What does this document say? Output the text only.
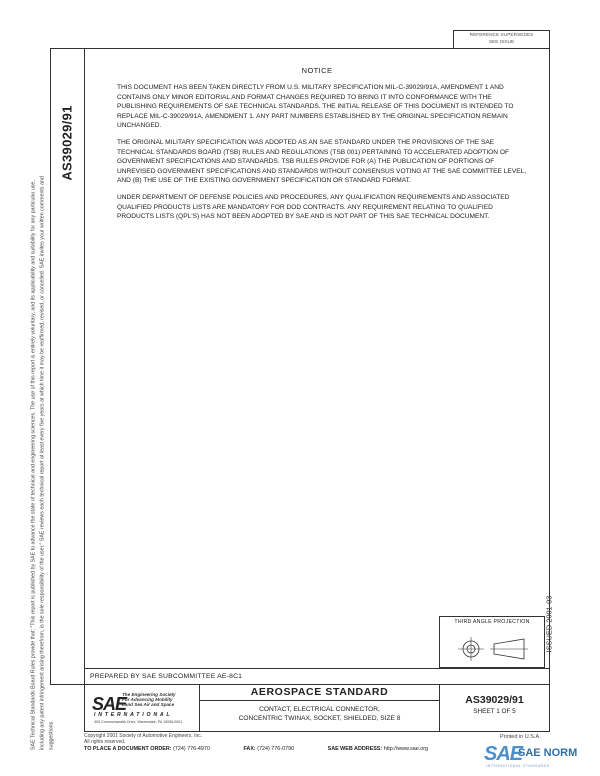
REFERENCE SUPERSEDES
SEE ISSUE
AS39029/91
SAE Technical Standards Board Rules provide that: "This report is published by SAE to advance the state of technical and engineering sciences. The use of this report is entirely voluntary, and its applicability and suitability for any particular use, including any patent infringement arising therefrom, is the sole responsibility of the user." SAE reviews each technical report at least every five years at which time it may be reaffirmed, revised, or cancelled. SAE invites your written comments and suggestions.
NOTICE

THIS DOCUMENT HAS BEEN TAKEN DIRECTLY FROM U.S. MILITARY SPECIFICATION MIL-C-39029/91A, AMENDMENT 1 AND CONTAINS ONLY MINOR EDITORIAL AND FORMAT CHANGES REQUIRED TO BRING IT INTO CONFORMANCE WITH THE PUBLISHING REQUIREMENTS OF SAE TECHNICAL STANDARDS. THE INITIAL RELEASE OF THIS DOCUMENT IS INTENDED TO REPLACE MIL-C-39029/91A, AMENDMENT 1. ANY PART NUMBERS ESTABLISHED BY THE ORIGINAL SPECIFICATION REMAIN UNCHANGED.

THE ORIGINAL MILITARY SPECIFICATION WAS ADOPTED AS AN SAE STANDARD UNDER THE PROVISIONS OF THE SAE TECHNICAL STANDARDS BOARD (TSB) RULES AND REGULATIONS (TSB 001) PERTAINING TO ACCELERATED ADOPTION OF GOVERNMENT SPECIFICATIONS AND STANDARDS. TSB RULES PROVIDE FOR (A) THE PUBLICATION OF PORTIONS OF UNREVISED GOVERNMENT SPECIFICATIONS AND STANDARDS WITHOUT CONSENSUS VOTING AT THE SAE COMMITTEE LEVEL, AND (B) THE USE OF THE EXISTING GOVERNMENT SPECIFICATION OR STANDARD FORMAT.

UNDER DEPARTMENT OF DEFENSE POLICIES AND PROCEDURES, ANY QUALIFICATION REQUIREMENTS AND ASSOCIATED QUALIFIED PRODUCTS LISTS ARE MANDATORY FOR DOD CONTRACTS. ANY REQUIREMENT RELATING TO QUALIFIED PRODUCTS LISTS (QPL'S) HAS NOT BEEN ADOPTED BY SAE AND IS NOT PART OF THIS SAE TECHNICAL DOCUMENT.

ISSUED 2001-03
THIRD ANGLE PROJECTION
PREPARED BY SAE SUBCOMMITTEE AE-8C1
SAE
The Engineering Society
For Advancing Mobility
Land Sea Air and Space
INTERNATIONAL
400 Commonwealth Drive, Warrendale, PA 15096-0001
AEROSPACE STANDARD
CONTACT, ELECTRICAL CONNECTOR,
CONCENTRIC TWINAX, SOCKET, SHIELDED, SIZE 8
AS39029/91
SHEET 1 OF 5
Copyright 2001 Society of Automotive Engineers, Inc.
All rights reserved.
Printed in U.S.A.
TO PLACE A DOCUMENT ORDER: (724) 776-4970	FAX: (724) 776-0790	SAE WEB ADDRESS: http://www.sae.org	SAE
SAE NORM
INTERNATIONAL STANDARDS
